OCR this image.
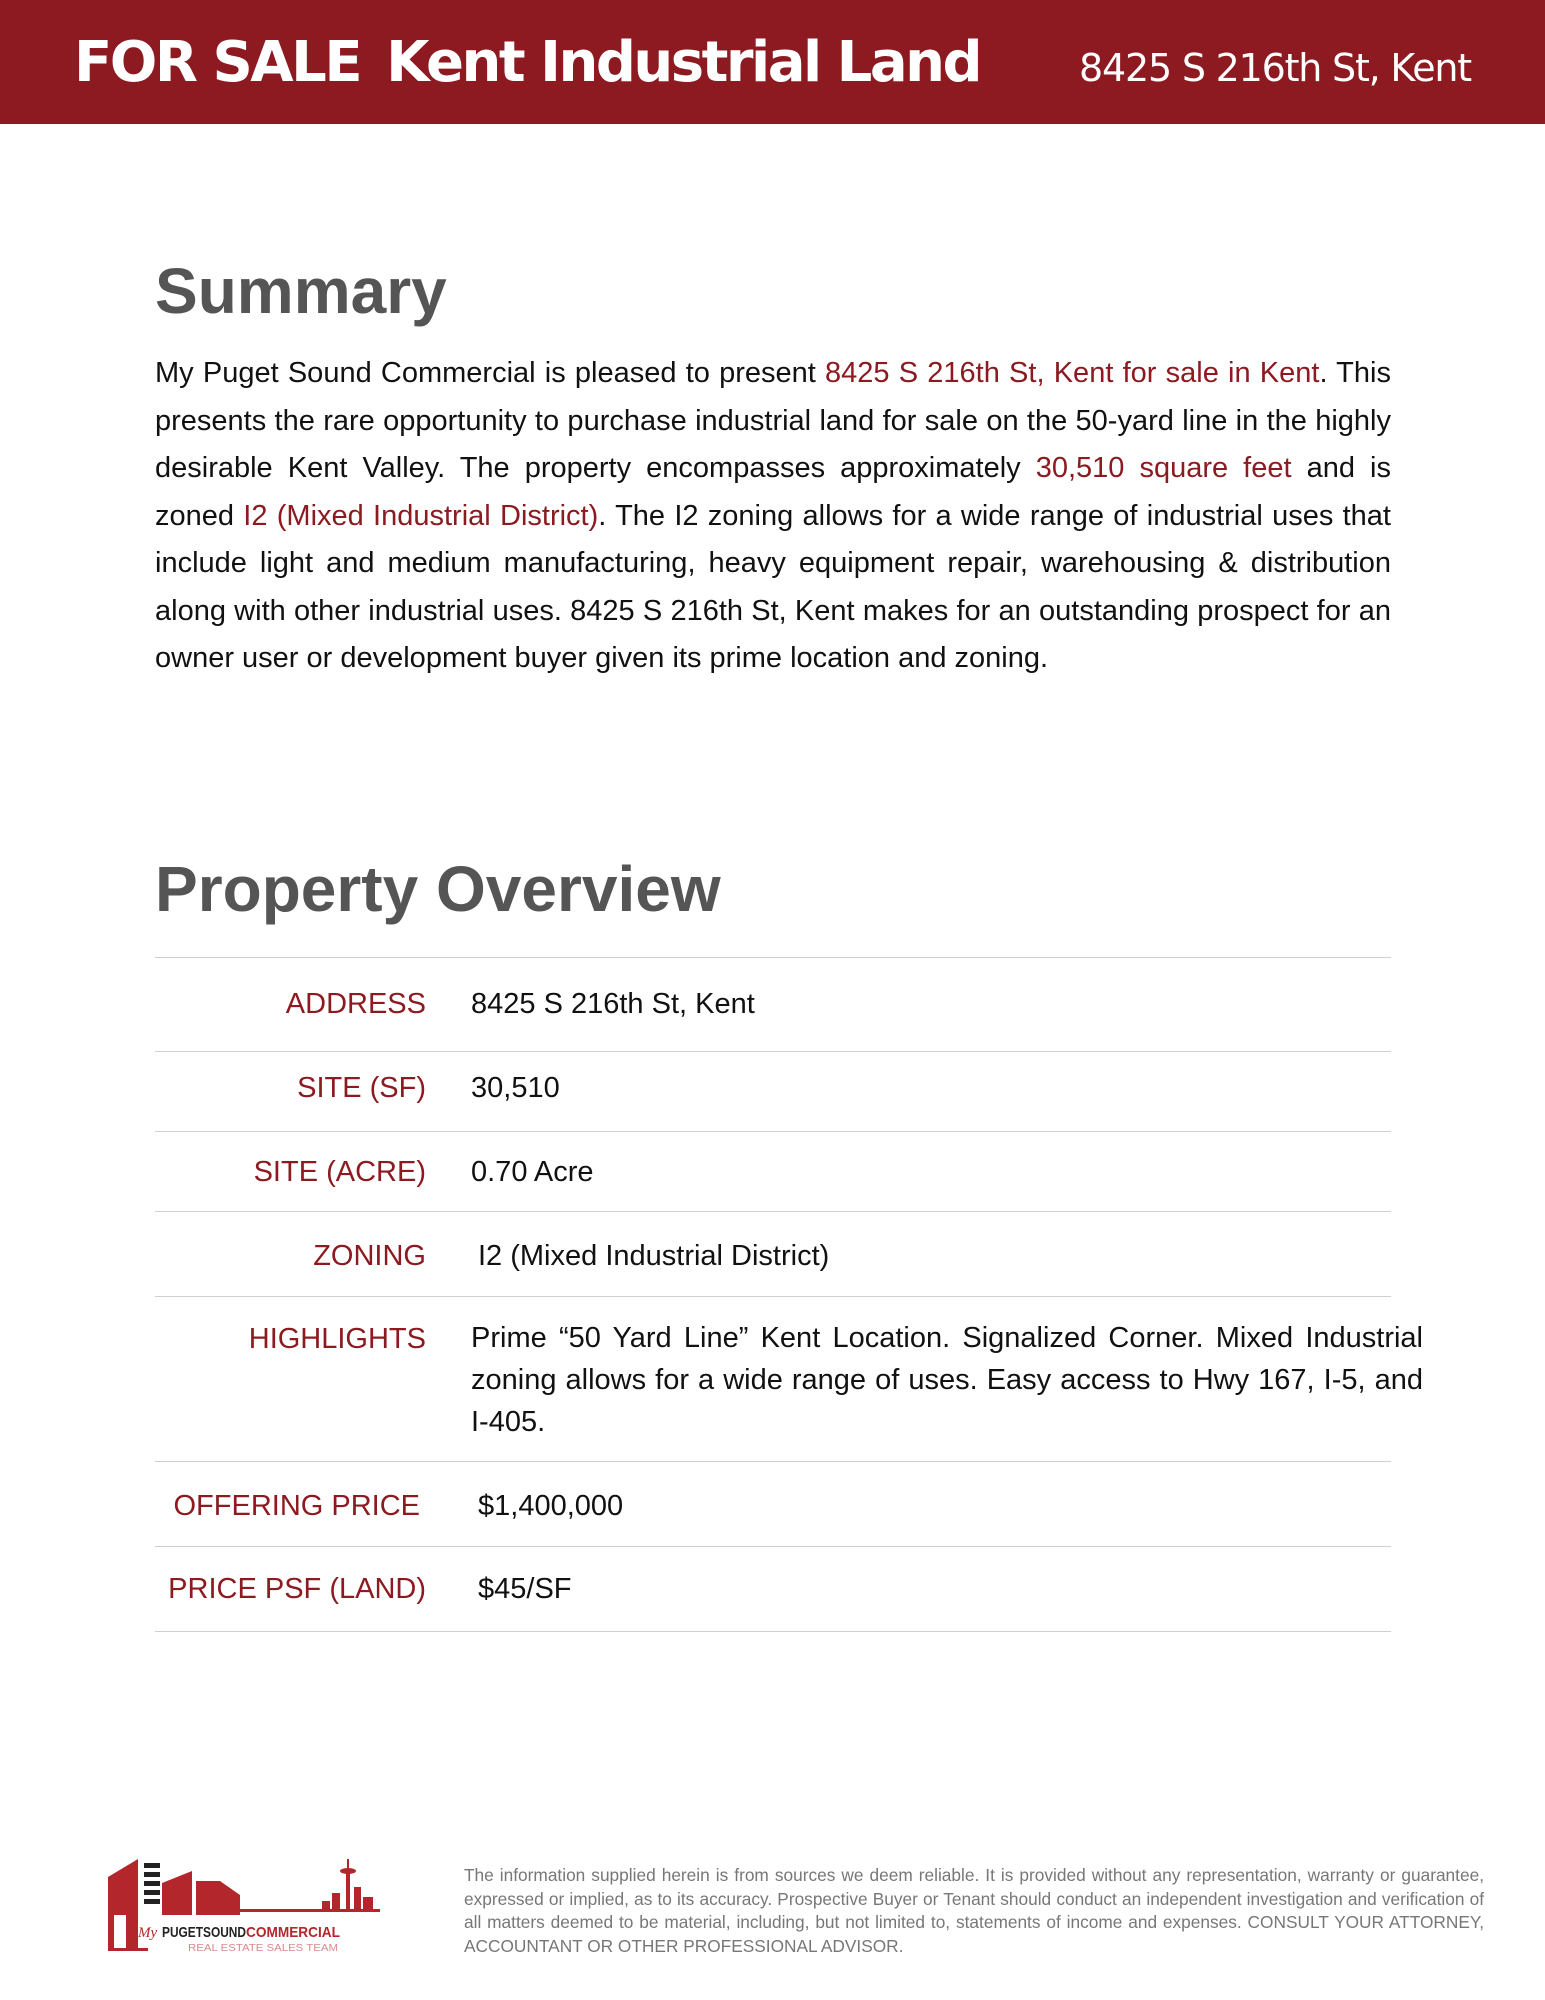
FOR SALE Kent Industrial Land	8425 S 216th St, Kent
Summary

My Puget Sound Commercial is pleased to present 8425 S 216th St, Kent for sale in Kent. This presents the rare opportunity to purchase industrial land for sale on the 50-yard line in the highly desirable Kent Valley. The property encompasses approximately 30,510 square feet and is zoned I2 (Mixed Industrial District). The I2 zoning allows for a wide range of industrial uses that include light and medium manufacturing, heavy equipment repair, warehousing & distribution along with other industrial uses. 8425 S 216th St, Kent makes for an outstanding prospect for an owner user or development buyer given its prime location and zoning.

Property Overview
ADDRESS 8425 S 216th St, Kent
SITE (SF) 30,510
SITE (ACRE) 0.70 Acre
ZONING I2 (Mixed Industrial District)
HIGHLIGHTS Prime “50 Yard Line” Kent Location. Signalized Corner. Mixed Industrial zoning allows for a wide range of uses. Easy access to Hwy 167, I-5, and I-405.
OFFERING PRICE $1,400,000
PRICE PSF (LAND) $45/SF
My PUGETSOUND COMMERCIAL
REAL ESTATE SALES TEAM

The information supplied herein is from sources we deem reliable. It is provided without any representation, warranty or guarantee, expressed or implied, as to its accuracy. Prospective Buyer or Tenant should conduct an independent investigation and verification of all matters deemed to be material, including, but not limited to, statements of income and expenses. CONSULT YOUR ATTORNEY, ACCOUNTANT OR OTHER PROFESSIONAL ADVISOR.
